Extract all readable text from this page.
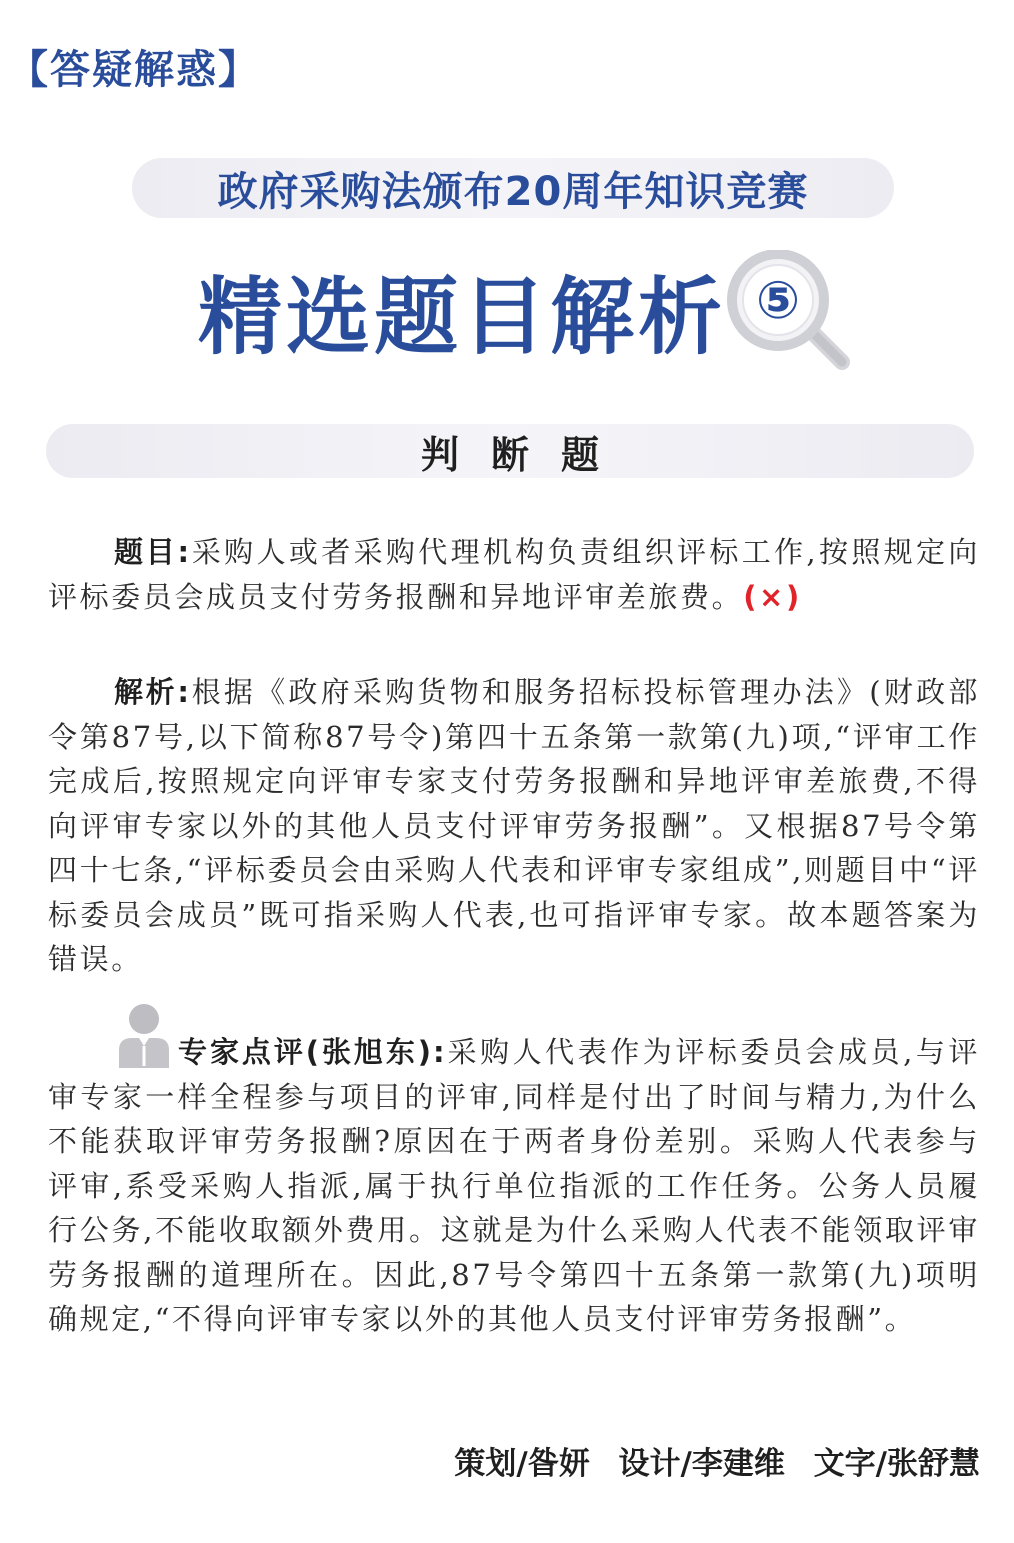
【答疑解惑】
政府采购法颁布20周年知识竞赛
精选题目解析 ⑤
判断题

题目:采购人或者采购代理机构负责组织评标工作,按照规定向评标委员会成员支付劳务报酬和异地评审差旅费。(×)

解析:根据《政府采购货物和服务招标投标管理办法》(财政部令第87号,以下简称87号令)第四十五条第一款第(九)项,“评审工作完成后,按照规定向评审专家支付劳务报酬和异地评审差旅费,不得向评审专家以外的其他人员支付评审劳务报酬”。又根据87号令第四十七条,“评标委员会由采购人代表和评审专家组成”,则题目中“评标委员会成员”既可指采购人代表,也可指评审专家。故本题答案为错误。

专家点评(张旭东):采购人代表作为评标委员会成员,与评审专家一样全程参与项目的评审,同样是付出了时间与精力,为什么不能获取评审劳务报酬?原因在于两者身份差别。采购人代表参与评审,系受采购人指派,属于执行单位指派的工作任务。公务人员履行公务,不能收取额外费用。这就是为什么采购人代表不能领取评审劳务报酬的道理所在。因此,87号令第四十五条第一款第(九)项明确规定,“不得向评审专家以外的其他人员支付评审劳务报酬”。

策划/昝妍 设计/李建维 文字/张舒慧
